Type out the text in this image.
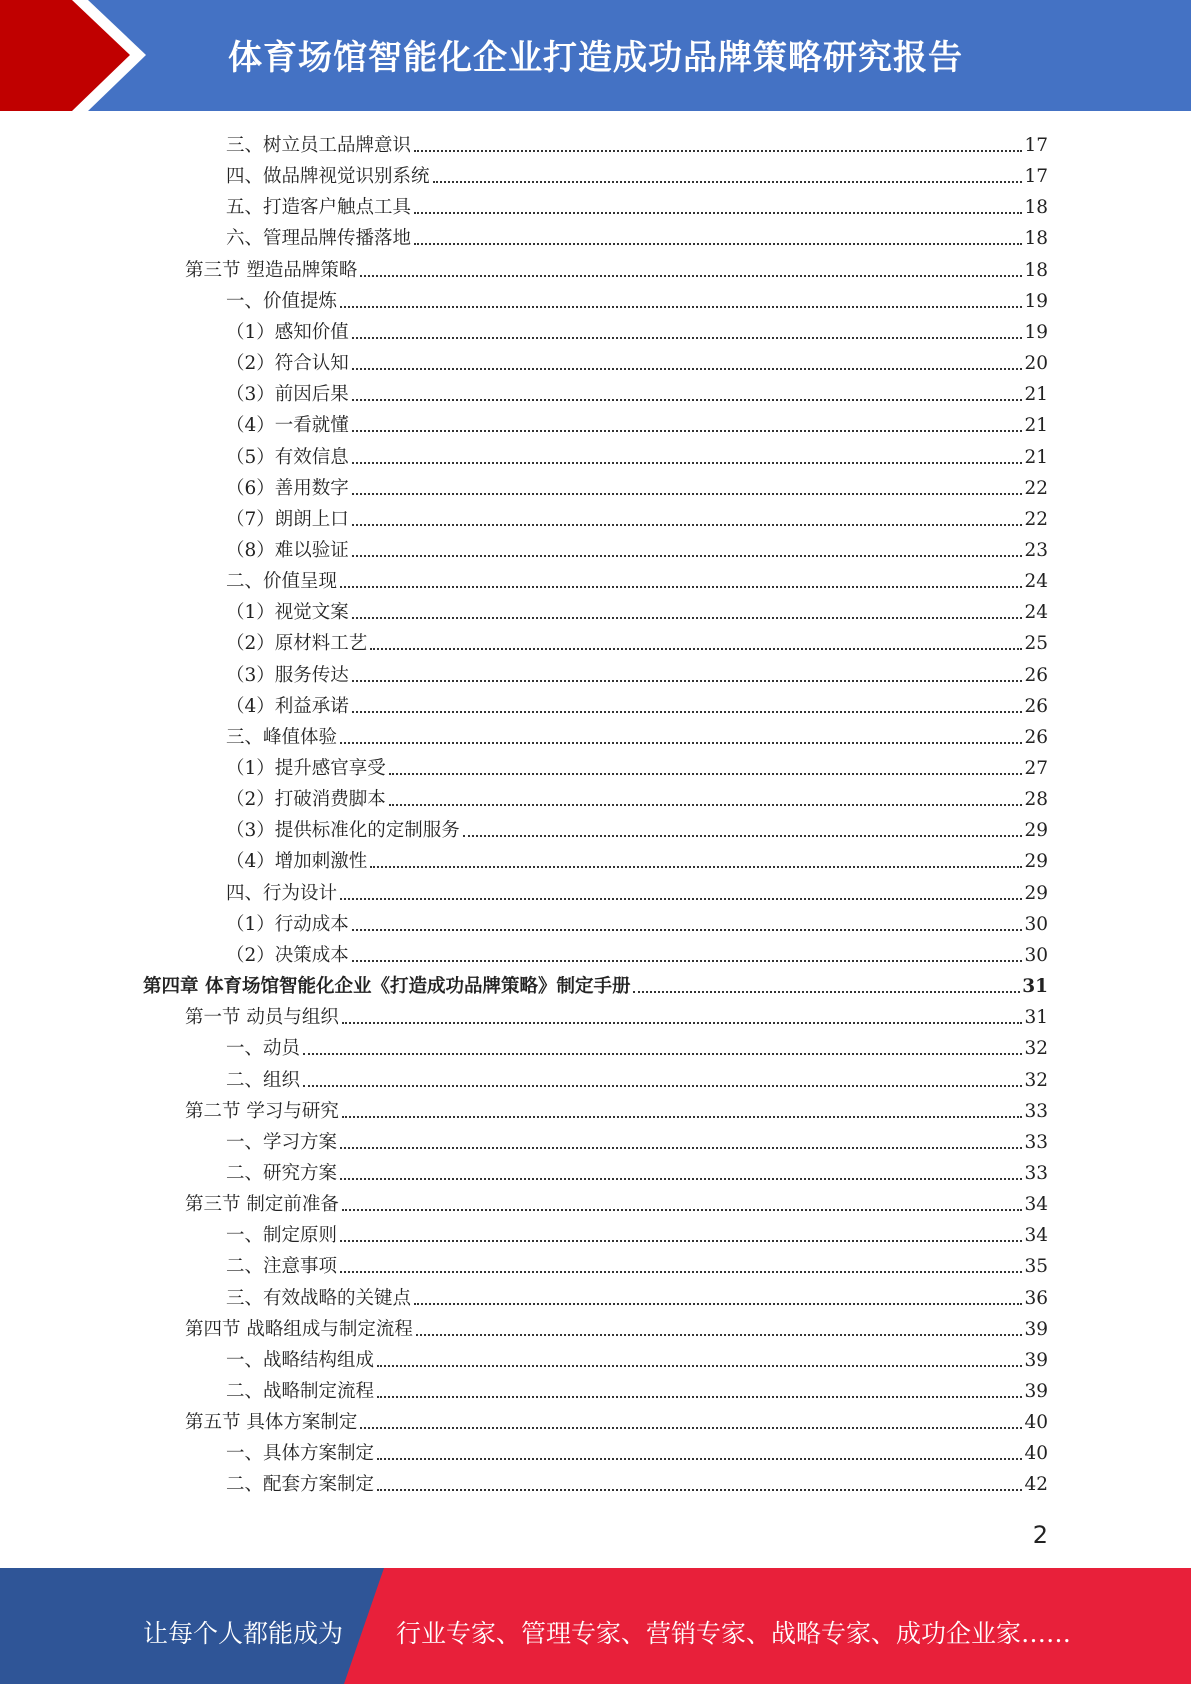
体育场馆智能化企业打造成功品牌策略研究报告
三、树立员工品牌意识	17
四、做品牌视觉识别系统	17
五、打造客户触点工具	18
六、管理品牌传播落地	18
第三节 塑造品牌策略	18
一、价值提炼	19
（1）感知价值	19
（2）符合认知	20
（3）前因后果	21
（4）一看就懂	21
（5）有效信息	21
（6）善用数字	22
（7）朗朗上口	22
（8）难以验证	23
二、价值呈现	24
（1）视觉文案	24
（2）原材料工艺	25
（3）服务传达	26
（4）利益承诺	26
三、峰值体验	26
（1）提升感官享受	27
（2）打破消费脚本	28
（3）提供标准化的定制服务	29
（4）增加刺激性	29
四、行为设计	29
（1）行动成本	30
（2）决策成本	30
第四章 体育场馆智能化企业《打造成功品牌策略》制定手册	31
第一节 动员与组织	31
一、动员	32
二、组织	32
第二节 学习与研究	33
一、学习方案	33
二、研究方案	33
第三节 制定前准备	34
一、制定原则	34
二、注意事项	35
三、有效战略的关键点	36
第四节 战略组成与制定流程	39
一、战略结构组成	39
二、战略制定流程	39
第五节 具体方案制定	40
一、具体方案制定	40
二、配套方案制定	42
2
让每个人都能成为 行业专家、管理专家、营销专家、战略专家、成功企业家……
